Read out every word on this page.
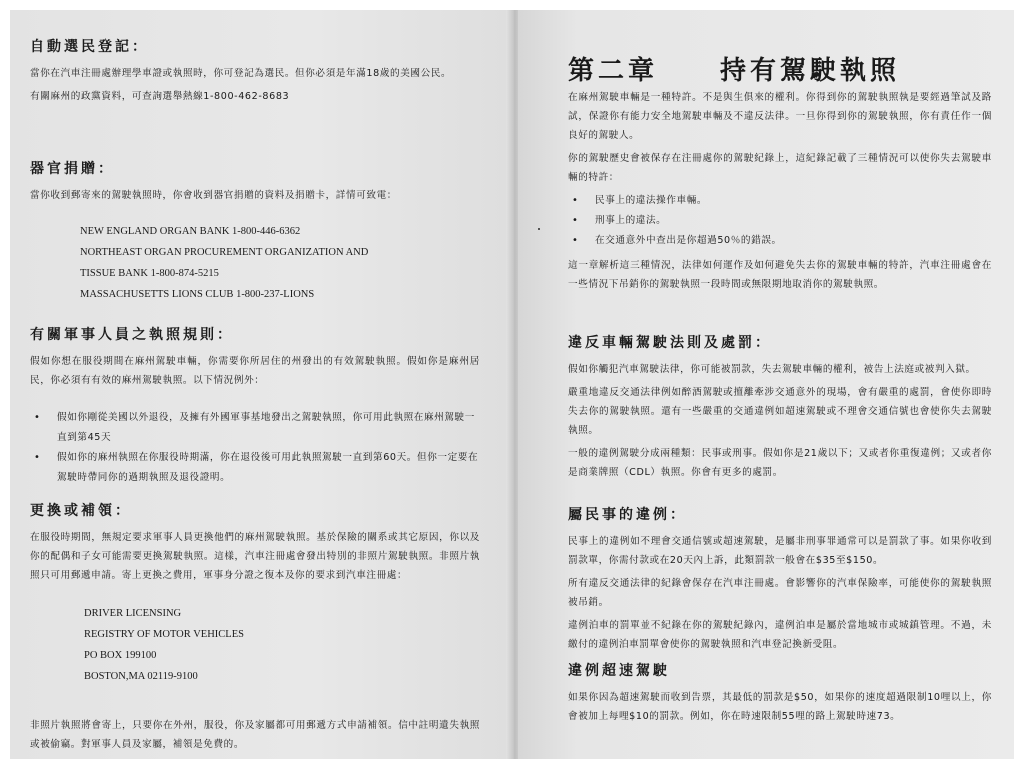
自動選民登記：

當你在汽車注冊處辦理學車證或執照時，你可登記為選民。但你必須是年滿18歲的美國公民。

有關麻州的政黨資料，可查詢選舉熱線1-800-462-8683

器官捐贈：

當你收到郵寄來的駕駛執照時，你會收到器官捐贈的資料及捐贈卡，詳情可致電：

NEW ENGLAND ORGAN BANK 1-800-446-6362
NORTHEAST ORGAN PROCUREMENT ORGANIZATION AND
TISSUE BANK 1-800-874-5215
MASSACHUSETTS LIONS CLUB 1-800-237-LIONS
有關軍事人員之執照規則：

假如你想在服役期間在麻州駕駛車輛，你需要你所居住的州發出的有效駕駛執照。假如你是麻州居民，你必須有有效的麻州駕駛執照。以下情況例外：

• 假如你剛從美國以外退役，及擁有外國軍事基地發出之駕駛執照，你可用此執照在麻州駕駛一直到第45天
• 假如你的麻州執照在你服役時期滿，你在退役後可用此執照駕駛一直到第60天。但你一定要在駕駛時帶同你的過期執照及退役證明。
更換或補領：

在服役時期間，無規定要求軍事人員更換他們的麻州駕駛執照。基於保險的關系或其它原因，你以及你的配偶和子女可能需要更換駕駛執照。這樣，汽車注冊處會發出特別的非照片駕駛執照。非照片執照只可用郵遞申請。寄上更換之費用，軍事身分證之復本及你的要求到汽車注冊處：

DRIVER LICENSING
REGISTRY OF MOTOR VEHICLES
PO BOX 199100
BOSTON,MA 02119-9100

非照片執照將會寄上，只要你在外州，服役，你及家屬都可用郵遞方式申請補領。信中註明遺失執照或被偷竊。對軍事人員及家屬，補領是免費的。

第二章 持有駕駛執照

在麻州駕駛車輛是一種特許。不是與生俱來的權利。你得到你的駕駛執照執是要經過筆試及路試，保證你有能力安全地駕駛車輛及不違反法律。一旦你得到你的駕駛執照，你有責任作一個良好的駕駛人。

你的駕駛歷史會被保存在注冊處你的駕駛紀錄上，這紀錄記載了三種情況可以使你失去駕駛車輛的特許：

• 民事上的違法操作車輛。
• 刑事上的違法。
• 在交通意外中查出是你超過50％的錯誤。

這一章解析這三種情況，法律如何運作及如何避免失去你的駕駛車輛的特許，汽車注冊處會在一些情況下吊銷你的駕駛執照一段時間或無限期地取消你的駕駛執照。

違反車輛駕駛法則及處罰：

假如你觸犯汽車駕駛法律，你可能被罰款，失去駕駛車輛的權利，被告上法庭或被判入獄。

嚴重地違反交通法律例如醉酒駕駛或擅離牽涉交通意外的現場，會有嚴重的處罰，會使你即時失去你的駕駛執照。還有一些嚴重的交通違例如超速駕駛或不理會交通信號也會使你失去駕駛執照。

一般的違例駕駛分成兩種類：民事或刑事。假如你是21歲以下；又或者你重復違例；又或者你是商業牌照（CDL）執照。你會有更多的處罰。

屬民事的違例：

民事上的違例如不理會交通信號或超速駕駛，是屬非刑事罪通常可以是罰款了事。如果你收到罰款單，你需付款或在20天內上訴，此類罰款一般會在$35至$150。

所有違反交通法律的紀錄會保存在汽車注冊處。會影響你的汽車保險率，可能使你的駕駛執照被吊銷。

違例泊車的罰單並不紀錄在你的駕駛紀錄內，違例泊車是屬於當地城市或城鎮管理。不過，未繳付的違例泊車罰單會使你的駕駛執照和汽車登記換新受阻。

違例超速駕駛

如果你因為超速駕駛而收到告票，其最低的罰款是$50，如果你的速度超過限制10哩以上，你會被加上每哩$10的罰款。例如，你在時速限制55哩的路上駕駛時速73。
